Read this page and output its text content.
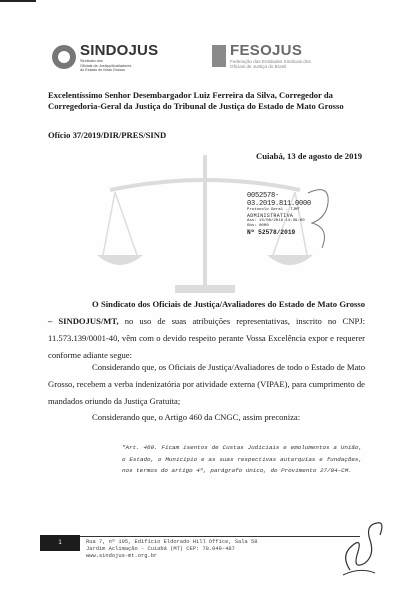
SINDOJUS
Sindicato dos
Oficiais de Justiça/Avaliadores
do Estado de Mato Grosso
FESOJUS
Federação das Entidades Sindicais dos
Oficiais de Justiça do Brasil
Excelentíssimo Senhor Desembargador Luiz Ferreira da Silva, Corregedor da Corregedoria-Geral da Justiça do Tribunal de Justiça do Estado de Mato Grosso
Ofício 37/2019/DIR/PRES/SIND
Cuiabá, 13 de agosto de 2019
0052578-03.2019.811.0000
Protocolo Geral - TJMT
ADMINISTRATIVA
Ass: 13/08/2019 14:39:00
Obs: 0000
Nº 52578/2019
O Sindicato dos Oficiais de Justiça/Avaliadores do Estado de Mato Grosso – SINDOJUS/MT, no uso de suas atribuições representativas, inscrito no CNPJ: 11.573.139/0001-40, vêm com o devido respeito perante Vossa Excelência expor e requerer conforme adiante segue:
Considerando que, os Oficiais de Justiça/Avaliadores de todo o Estado de Mato Grosso, recebem a verba indenizatória por atividade externa (VIPAE), para cumprimento de mandados oriundo da Justiça Gratuita;
Considerando que, o Artigo 460 da CNGC, assim preconiza:
"Art. 460. Ficam isentos de Custas Judiciais e emolumentos a União, o Estado, o Município e as suas respectivas autarquias e fundações, nos termos do artigo 4º, parágrafo único, do Provimento 27/04-CM.
1	Rua 7, nº 105, Edifício Eldorado Hill Office, Sala 58
Jardim Aclimação - Cuiabá (MT) CEP: 78.049-487
www.sindojus-mt.org.br
